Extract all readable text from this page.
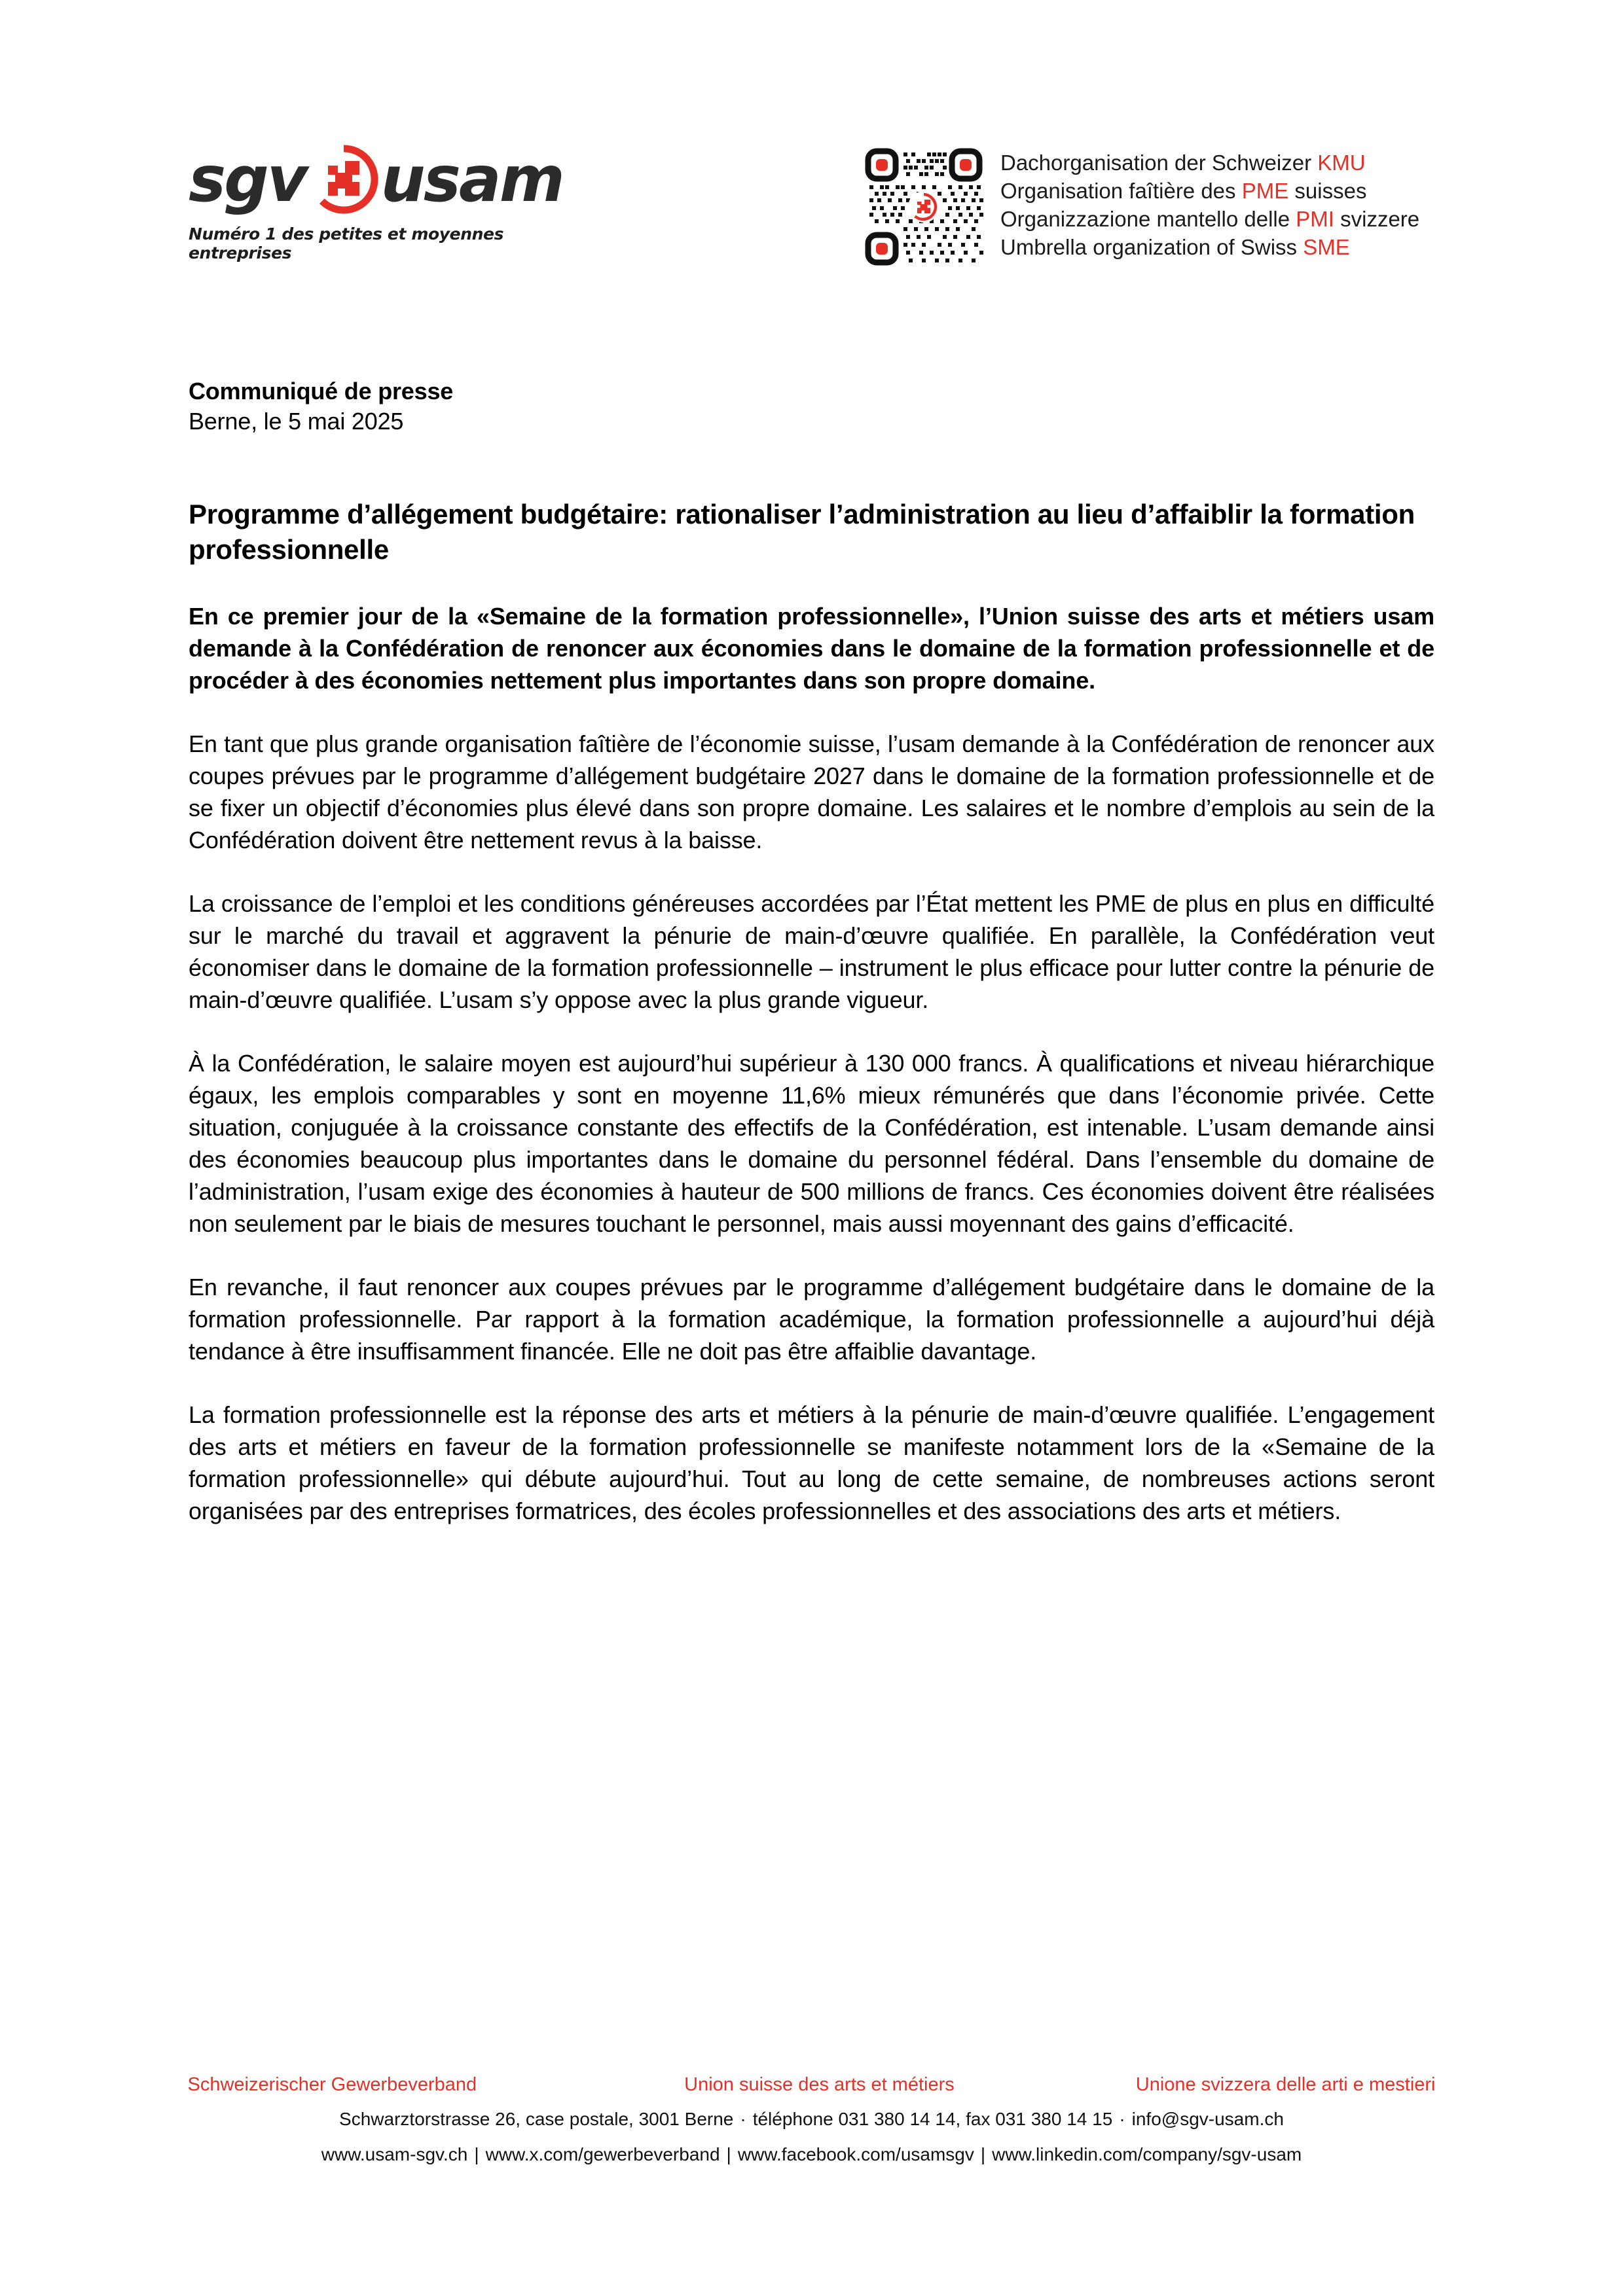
sgv usam
Numéro 1 des petites et moyennes entreprises
Dachorganisation der Schweizer KMU
Organisation faîtière des PME suisses
Organizzazione mantello delle PMI svizzere
Umbrella organization of Swiss SME
Communiqué de presse
Berne, le 5 mai 2025
Programme d’allégement budgétaire: rationaliser l’administration au lieu d’affaiblir la formation professionnelle

En ce premier jour de la «Semaine de la formation professionnelle», l’Union suisse des arts et métiers usam demande à la Confédération de renoncer aux économies dans le domaine de la formation professionnelle et de procéder à des économies nettement plus importantes dans son propre domaine.

En tant que plus grande organisation faîtière de l’économie suisse, l’usam demande à la Confédération de renoncer aux coupes prévues par le programme d’allégement budgétaire 2027 dans le domaine de la formation professionnelle et de se fixer un objectif d’économies plus élevé dans son propre domaine. Les salaires et le nombre d’emplois au sein de la Confédération doivent être nettement revus à la baisse.

La croissance de l’emploi et les conditions généreuses accordées par l’État mettent les PME de plus en plus en difficulté sur le marché du travail et aggravent la pénurie de main-d’œuvre qualifiée. En parallèle, la Confédération veut économiser dans le domaine de la formation professionnelle – instrument le plus efficace pour lutter contre la pénurie de main-d’œuvre qualifiée. L’usam s’y oppose avec la plus grande vigueur.

À la Confédération, le salaire moyen est aujourd’hui supérieur à 130 000 francs. À qualifications et niveau hiérarchique égaux, les emplois comparables y sont en moyenne 11,6% mieux rémunérés que dans l’économie privée. Cette situation, conjuguée à la croissance constante des effectifs de la Confédération, est intenable. L’usam demande ainsi des économies beaucoup plus importantes dans le domaine du personnel fédéral. Dans l’ensemble du domaine de l’administration, l’usam exige des économies à hauteur de 500 millions de francs. Ces économies doivent être réalisées non seulement par le biais de mesures touchant le personnel, mais aussi moyennant des gains d’efficacité.

En revanche, il faut renoncer aux coupes prévues par le programme d’allégement budgétaire dans le domaine de la formation professionnelle. Par rapport à la formation académique, la formation professionnelle a aujourd’hui déjà tendance à être insuffisamment financée. Elle ne doit pas être affaiblie davantage.

La formation professionnelle est la réponse des arts et métiers à la pénurie de main-d’œuvre qualifiée. L’engagement des arts et métiers en faveur de la formation professionnelle se manifeste notamment lors de la «Semaine de la formation professionnelle» qui débute aujourd’hui. Tout au long de cette semaine, de nombreuses actions seront organisées par des entreprises formatrices, des écoles professionnelles et des associations des arts et métiers.

Schweizerischer Gewerbeverband	Union suisse des arts et métiers	Unione svizzera delle arti e mestieri
Schwarztorstrasse 26, case postale, 3001 Berne · téléphone 031 380 14 14, fax 031 380 14 15 · info@sgv-usam.ch
www.usam-sgv.ch | www.x.com/gewerbeverband | www.facebook.com/usamsgv | www.linkedin.com/company/sgv-usam
